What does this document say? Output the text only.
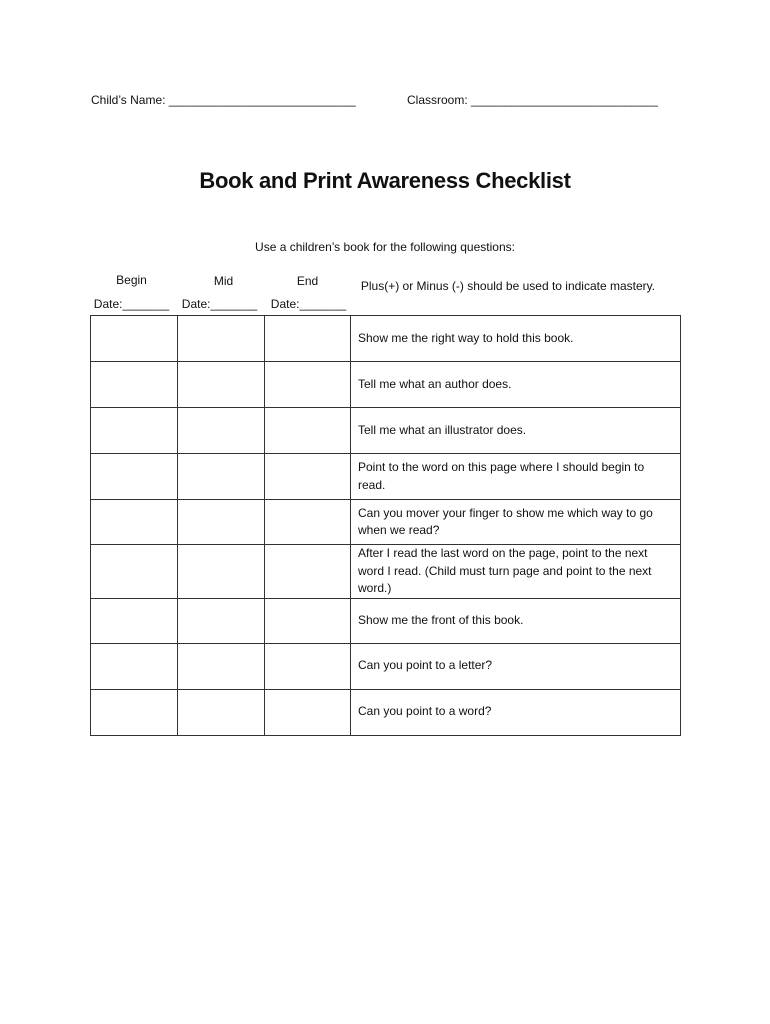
Child’s Name: ____________________________	Classroom: ____________________________
Book and Print Awareness Checklist
Use a children’s book for the following questions:
Begin	Mid	End
Date:_______	Date:_______	Date:_______
Plus(+) or Minus (-) should be used to indicate mastery.
			Show me the right way to hold this book.
			Tell me what an author does.
			Tell me what an illustrator does.
			Point to the word on this page where I should begin to read.
			Can you mover your finger to show me which way to go when we read?
			After I read the last word on the page, point to the next word I read. (Child must turn page and point to the next word.)
			Show me the front of this book.
			Can you point to a letter?
			Can you point to a word?
